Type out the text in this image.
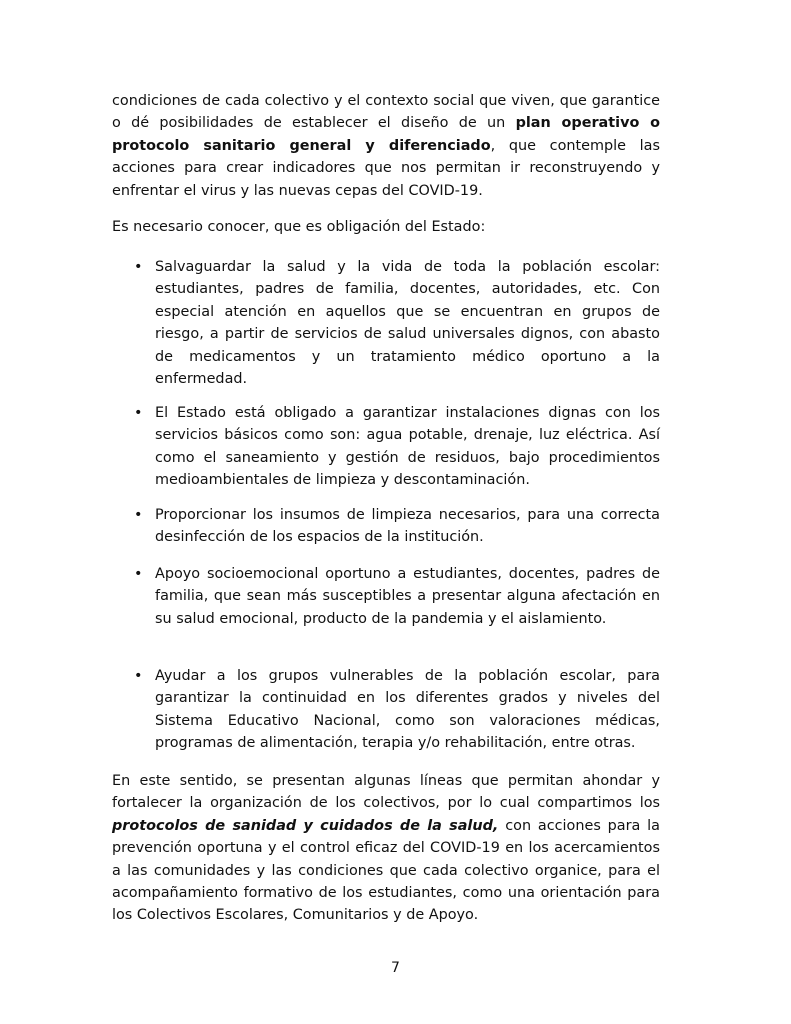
condiciones de cada colectivo y el contexto social que viven, que garantice o dé posibilidades de establecer el diseño de un plan operativo o protocolo sanitario general y diferenciado, que contemple las acciones para crear indicadores que nos permitan ir reconstruyendo y enfrentar el virus y las nuevas cepas del COVID-19.

Es necesario conocer, que es obligación del Estado:

• Salvaguardar la salud y la vida de toda la población escolar: estudiantes, padres de familia, docentes, autoridades, etc. Con especial atención en aquellos que se encuentran en grupos de riesgo, a partir de servicios de salud universales dignos, con abasto de medicamentos y un tratamiento médico oportuno a la enfermedad.
• El Estado está obligado a garantizar instalaciones dignas con los servicios básicos como son: agua potable, drenaje, luz eléctrica. Así como el saneamiento y gestión de residuos, bajo procedimientos medioambientales de limpieza y descontaminación.
• Proporcionar los insumos de limpieza necesarios, para una correcta desinfección de los espacios de la institución.
• Apoyo socioemocional oportuno a estudiantes, docentes, padres de familia, que sean más susceptibles a presentar alguna afectación en su salud emocional, producto de la pandemia y el aislamiento.
• Ayudar a los grupos vulnerables de la población escolar, para garantizar la continuidad en los diferentes grados y niveles del Sistema Educativo Nacional, como son valoraciones médicas, programas de alimentación, terapia y/o rehabilitación, entre otras.

En este sentido, se presentan algunas líneas que permitan ahondar y fortalecer la organización de los colectivos, por lo cual compartimos los protocolos de sanidad y cuidados de la salud, con acciones para la prevención oportuna y el control eficaz del COVID-19 en los acercamientos a las comunidades y las condiciones que cada colectivo organice, para el acompañamiento formativo de los estudiantes, como una orientación para los Colectivos Escolares, Comunitarios y de Apoyo.

7
